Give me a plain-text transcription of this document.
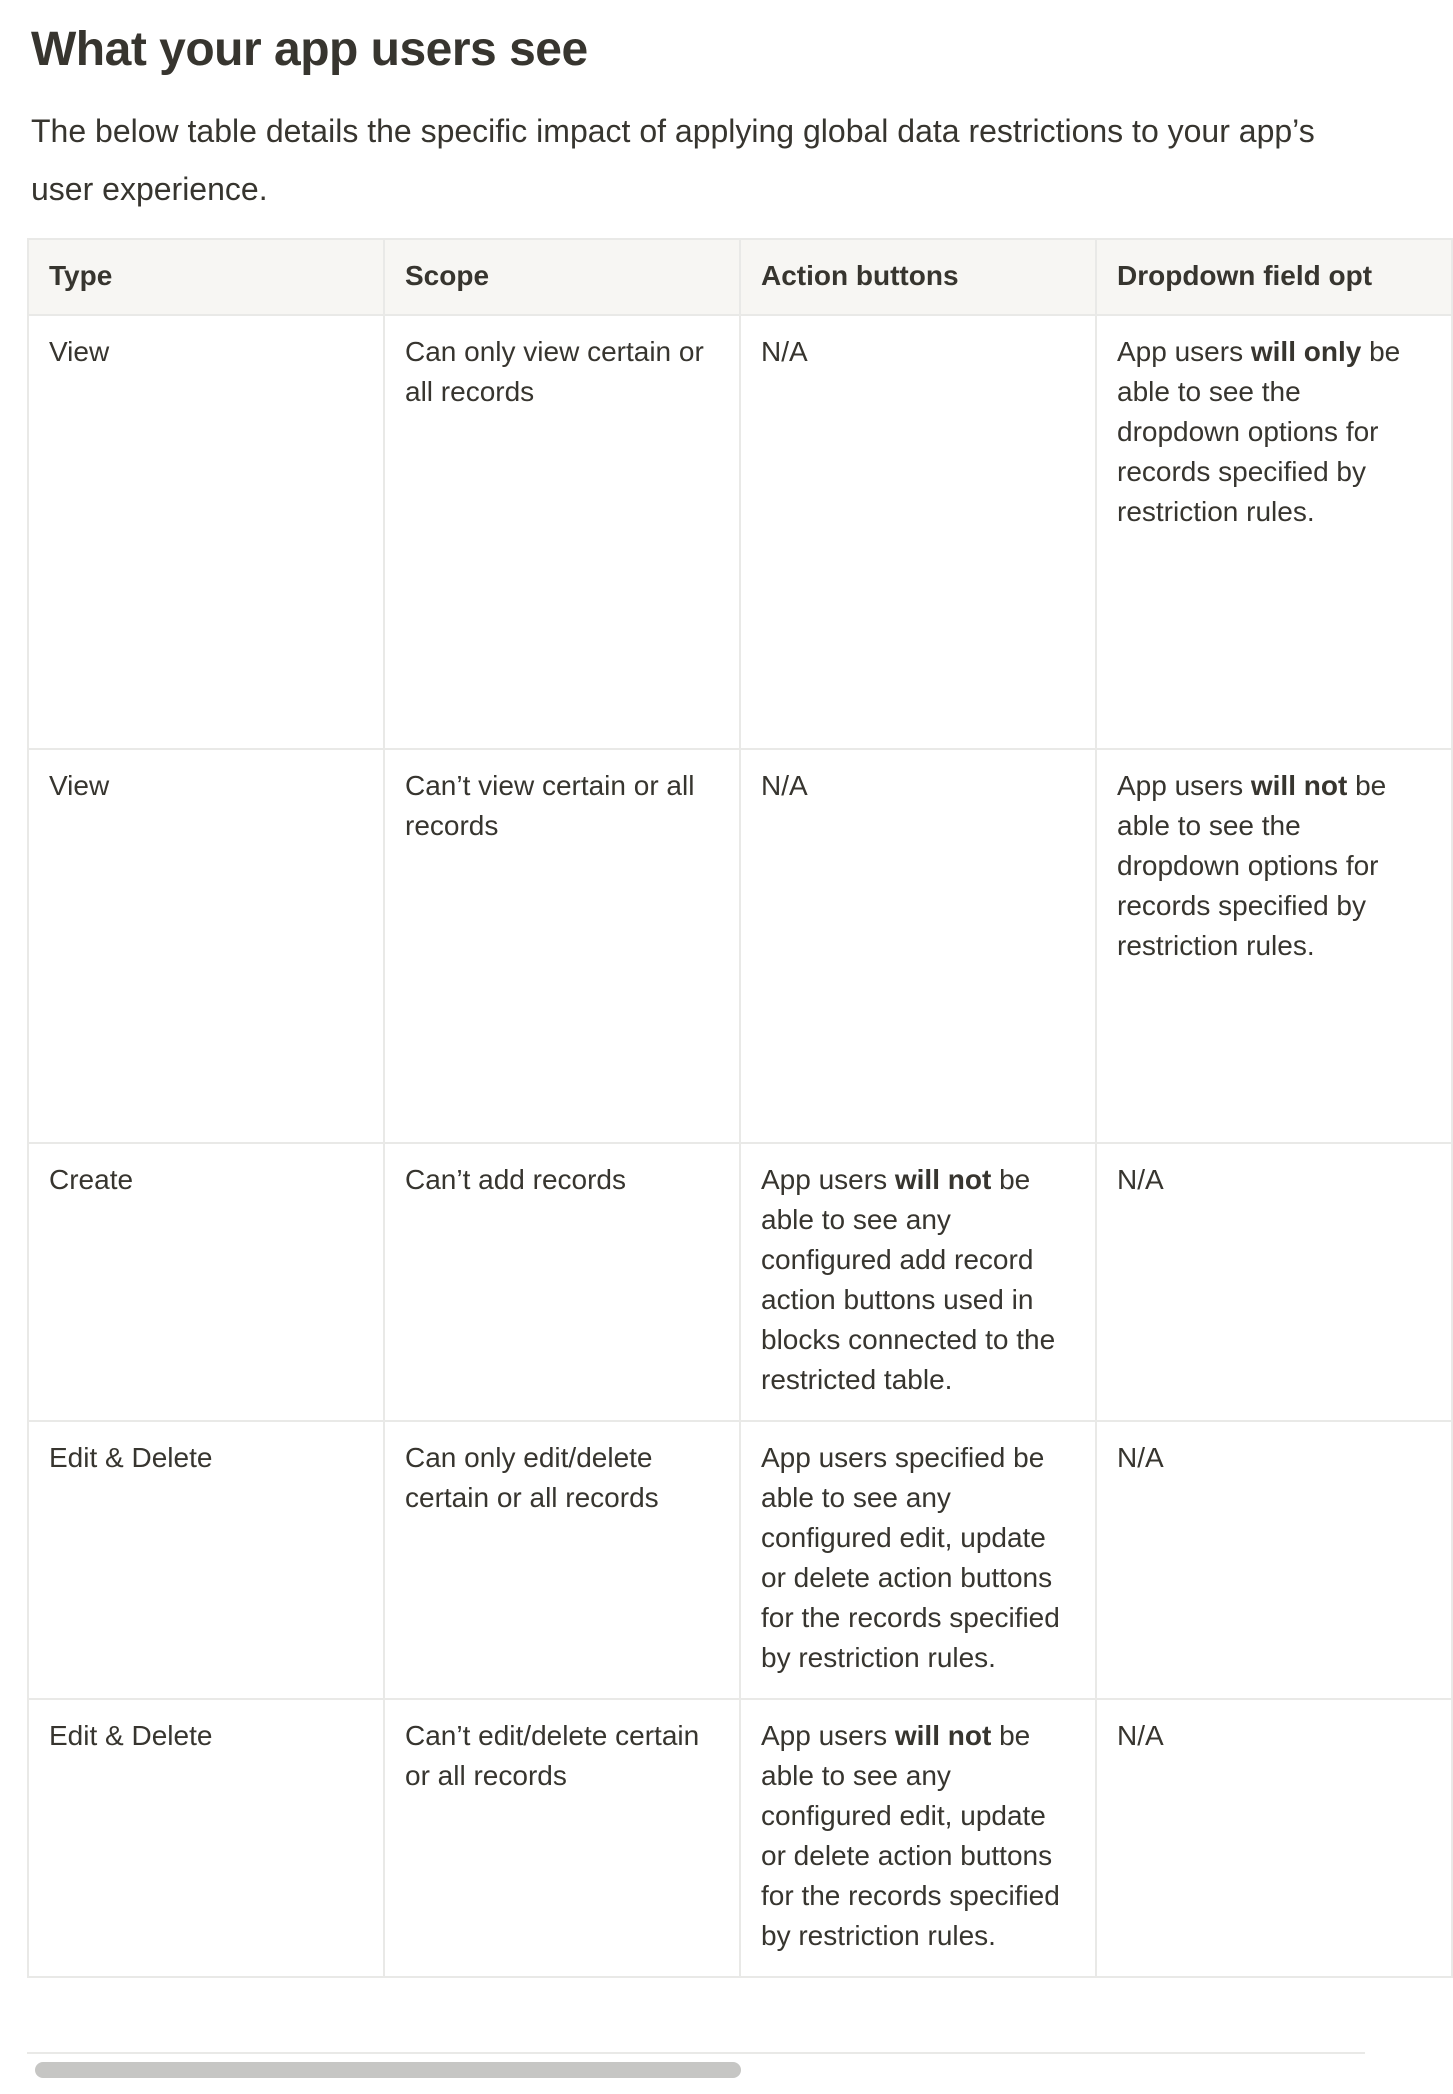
What your app users see

The below table details the specific impact of applying global data restrictions to your app’s user experience.

Type	Scope	Action buttons	Dropdown field opt
View	Can only view certain or all records	N/A	App users will only be able to see the dropdown options for records specified by restriction rules.
View	Can’t view certain or all records	N/A	App users will not be able to see the dropdown options for records specified by restriction rules.
Create	Can’t add records	App users will not be able to see any configured add record action buttons used in blocks connected to the restricted table.	N/A
Edit & Delete	Can only edit/delete certain or all records	App users specified be able to see any configured edit, update or delete action buttons for the records specified by restriction rules.	N/A
Edit & Delete	Can’t edit/delete certain or all records	App users will not be able to see any configured edit, update or delete action buttons for the records specified by restriction rules.	N/A
